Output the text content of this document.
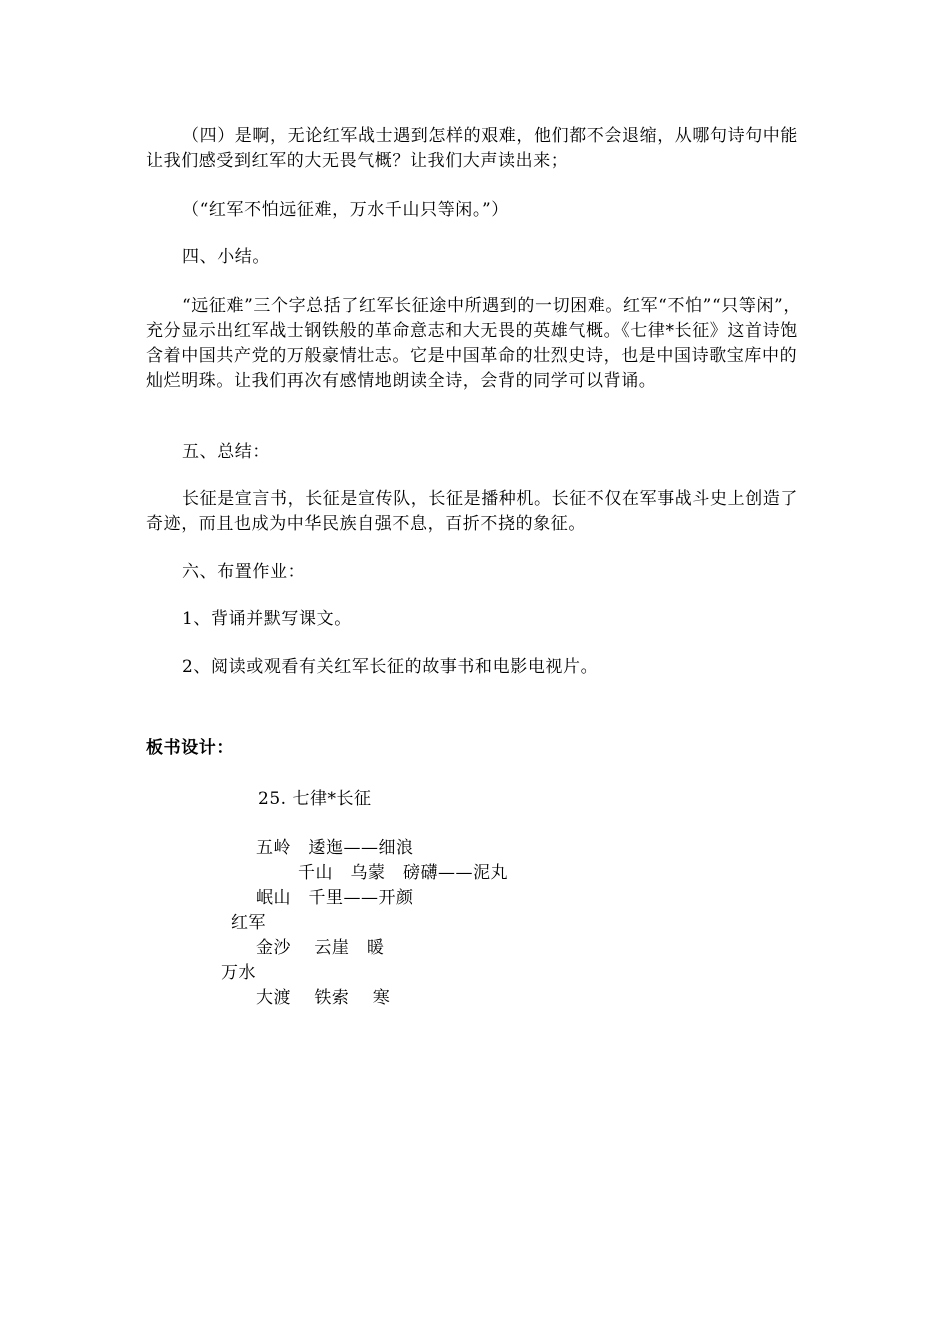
（四）是啊，无论红军战士遇到怎样的艰难，他们都不会退缩，从哪句诗句中能让我们感受到红军的大无畏气概？让我们大声读出来；

（“红军不怕远征难，万水千山只等闲。”）

四、小结。

“远征难”三个字总括了红军长征途中所遇到的一切困难。红军“不怕”“只等闲”，充分显示出红军战士钢铁般的革命意志和大无畏的英雄气概。《七律*长征》这首诗饱含着中国共产党的万般豪情壮志。它是中国革命的壮烈史诗，也是中国诗歌宝库中的灿烂明珠。让我们再次有感情地朗读全诗，会背的同学可以背诵。

五、总结：

长征是宣言书，长征是宣传队，长征是播种机。长征不仅在军事战斗史上创造了奇迹，而且也成为中华民族自强不息，百折不挠的象征。

六、布置作业：

1、背诵并默写课文。

2、阅读或观看有关红军长征的故事书和电影电视片。

板书设计：

25. 七律*长征
五岭　逶迤——细浪
千山　乌蒙　磅礴——泥丸
岷山　千里——开颜
红军
金沙　 云崖　暖
万水
大渡　 铁索　 寒
